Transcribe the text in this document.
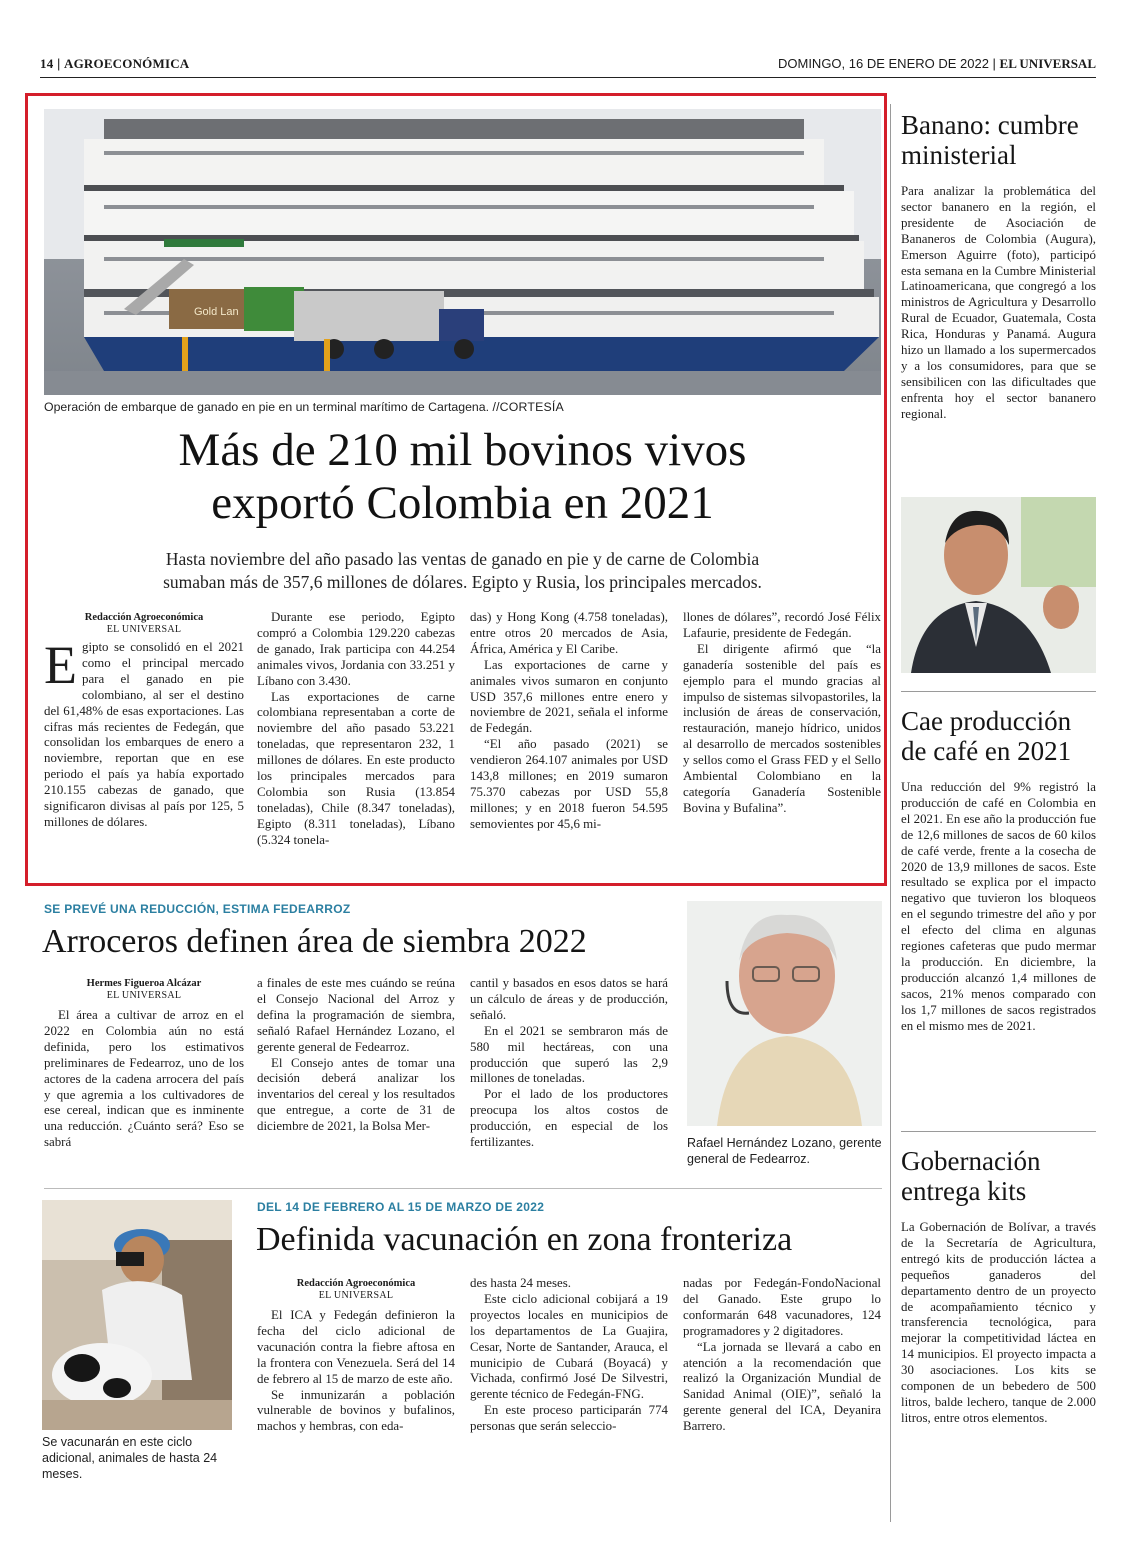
14 | AGROECONÓMICA	DOMINGO, 16 DE ENERO DE 2022 | EL UNIVERSAL
Gold Lan
Operación de embarque de ganado en pie en un terminal marítimo de Cartagena. //CORTESÍA
Más de 210 mil bovinos vivos
exportó Colombia en 2021
Hasta noviembre del año pasado las ventas de ganado en pie y de carne de Colombia
sumaban más de 357,6 millones de dólares. Egipto y Rusia, los principales mercados.
Redacción Agroeconómica
EL UNIVERSAL

Egipto se consolidó en el 2021 como el principal mercado para el ganado en pie colombiano, al ser el destino del 61,48% de esas exportaciones. Las cifras más recientes de Fedegán, que consolidan los embarques de enero a noviembre, reportan que en ese periodo el país ya había exportado 210.155 cabezas de ganado, que significaron divisas al país por 125, 5 millones de dólares.

Durante ese periodo, Egipto compró a Colombia 129.220 cabezas de ganado, Irak participa con 44.254 animales vivos, Jordania con 33.251 y Líbano con 3.430.

Las exportaciones de carne colombiana representaban a corte de noviembre del año pasado 53.221 toneladas, que representaron 232, 1 millones de dólares. En este producto los principales mercados para Colombia son Rusia (13.854 toneladas), Chile (8.347 toneladas), Egipto (8.311 toneladas), Líbano (5.324 tonela-

das) y Hong Kong (4.758 toneladas), entre otros 20 mercados de Asia, África, América y El Caribe.

Las exportaciones de carne y animales vivos sumaron en conjunto USD 357,6 millones entre enero y noviembre de 2021, señala el informe de Fedegán.

“El año pasado (2021) se vendieron 264.107 animales por USD 143,8 millones; en 2019 sumaron 75.370 cabezas por USD 55,8 millones; y en 2018 fueron 54.595 semovientes por 45,6 mi-

llones de dólares”, recordó José Félix Lafaurie, presidente de Fedegán.

El dirigente afirmó que “la ganadería sostenible del país es ejemplo para el mundo gracias al impulso de sistemas silvopastoriles, la inclusión de áreas de conservación, restauración, manejo hídrico, unidos al desarrollo de mercados sostenibles y sellos como el Grass FED y el Sello Ambiental Colombiano en la categoría Ganadería Sostenible Bovina y Bufalina”.

SE PREVÉ UNA REDUCCIÓN, ESTIMA FEDEARROZ
Arroceros definen área de siembra 2022
Hermes Figueroa Alcázar
EL UNIVERSAL

El área a cultivar de arroz en el 2022 en Colombia aún no está definida, pero los estimativos preliminares de Fedearroz, uno de los actores de la cadena arrocera del país y que agremia a los cultivadores de ese cereal, indican que es inminente una reducción. ¿Cuánto será? Eso se sabrá

a finales de este mes cuándo se reúna el Consejo Nacional del Arroz y defina la programación de siembra, señaló Rafael Hernández Lozano, el gerente general de Fedearroz.

El Consejo antes de tomar una decisión deberá analizar los inventarios del cereal y los resultados que entregue, a corte de 31 de diciembre de 2021, la Bolsa Mer-

cantil y basados en esos datos se hará un cálculo de áreas y de producción, señaló.

En el 2021 se sembraron más de 580 mil hectáreas, con una producción que superó las 2,9 millones de toneladas.

Por el lado de los productores preocupa los altos costos de producción, en especial de los fertilizantes.	Rafael Hernández Lozano, gerente general de Fedearroz.
Se vacunarán en este ciclo adicional, animales de hasta 24 meses.
DEL 14 DE FEBRERO AL 15 DE MARZO DE 2022
Definida vacunación en zona fronteriza
Redacción Agroeconómica
EL UNIVERSAL

El ICA y Fedegán definieron la fecha del ciclo adicional de vacunación contra la fiebre aftosa en la frontera con Venezuela. Será del 14 de febrero al 15 de marzo de este año.

Se inmunizarán a población vulnerable de bovinos y bufalinos, machos y hembras, con eda-

des hasta 24 meses.

Este ciclo adicional cobijará a 19 proyectos locales en municipios de los departamentos de La Guajira, Cesar, Norte de Santander, Arauca, el municipio de Cubará (Boyacá) y Vichada, confirmó José De Silvestri, gerente técnico de Fedegán-FNG.

En este proceso participarán 774 personas que serán seleccio-

nadas por Fedegán-FondoNacional del Ganado. Este grupo lo conformarán 648 vacunadores, 124 programadores y 2 digitadores.

“La jornada se llevará a cabo en atención a la recomendación que realizó la Organización Mundial de Sanidad Animal (OIE)”, señaló la gerente general del ICA, Deyanira Barrero.

Banano: cumbre ministerial
Para analizar la problemática del sector bananero en la región, el presidente de Asociación de Bananeros de Colombia (Augura), Emerson Aguirre (foto), participó esta semana en la Cumbre Ministerial Latinoamericana, que congregó a los ministros de Agricultura y Desarrollo Rural de Ecuador, Guatemala, Costa Rica, Honduras y Panamá. Augura hizo un llamado a los supermercados y a los consumidores, para que se sensibilicen con las dificultades que enfrenta hoy el sector bananero regional.
Cae producción de café en 2021
Una reducción del 9% registró la producción de café en Colombia en el 2021. En ese año la producción fue de 12,6 millones de sacos de 60 kilos de café verde, frente a la cosecha de 2020 de 13,9 millones de sacos. Este resultado se explica por el impacto negativo que tuvieron los bloqueos en el segundo trimestre del año y por el efecto del clima en algunas regiones cafeteras que pudo mermar la producción. En diciembre, la producción alcanzó 1,4 millones de sacos, 21% menos comparado con los 1,7 millones de sacos registrados en el mismo mes de 2021.
Gobernación entrega kits
La Gobernación de Bolívar, a través de la Secretaría de Agricultura, entregó kits de producción láctea a pequeños ganaderos del departamento dentro de un proyecto de acompañamiento técnico y transferencia tecnológica, para mejorar la competitividad láctea en 14 municipios. El proyecto impacta a 30 asociaciones. Los kits se componen de un bebedero de 500 litros, balde lechero, tanque de 2.000 litros, entre otros elementos.
